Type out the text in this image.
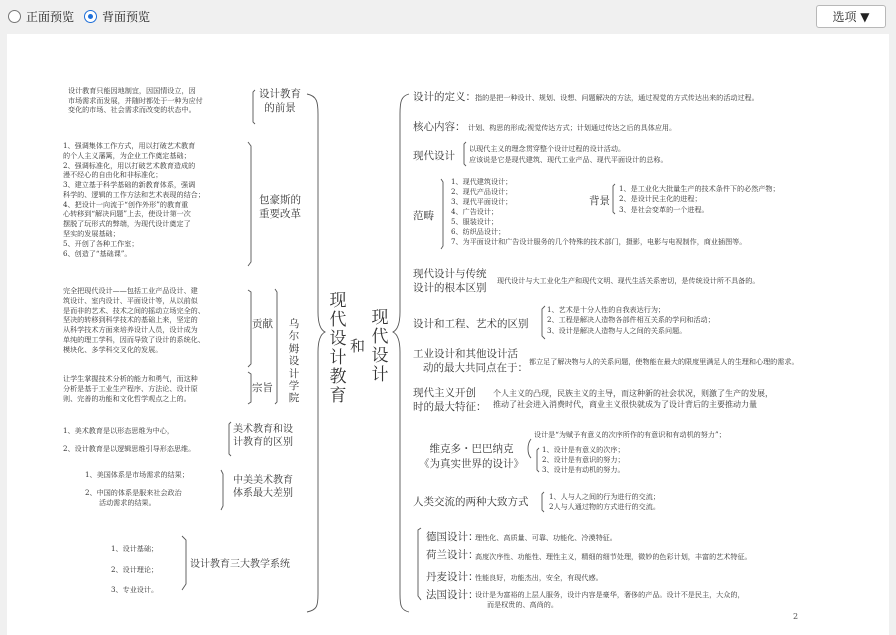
正面预览 背面预览	选项 ▼
现代设计教育
和
现代设计
设计教育只能因地制宜，因国情设立，因
市场需求而发展，并随时都处于一种为应付
变化的市场、社会需求而改变的状态中。
设计教育
的前景
1、强调集体工作方式，用以打破艺术教育
的个人主义藩篱，为企业工作奠定基础；
2、强调标准化，用以打破艺术教育造成的
漫不经心的自由化和非标准化；
3、建立基于科学基础的新教育体系，强调
科学的、逻辑的工作方法和艺术表现的结合；
4、把设计一向流于“创作外形”的教育重
心转移到“解决问题”上去，使设计第一次
摆脱了玩形式的弊端，为现代设计奠定了
坚实的发展基础；
5、开创了各种工作室；
6、创造了“基础课”。
包豪斯的
重要改革
完全把现代设计——包括工业产品设计、建
筑设计、室内设计、平面设计等，从以前似
是而非的艺术、技术之间的摇动立场完全的、
坚决的转移到科学技术的基础上来，坚定的
从科学技术方面来培养设计人员，设计成为
单纯的理工学科，因而导致了设计的系统化、
模块化、多学科交叉化的发展。
贡献
让学生掌握技术分析的能力和勇气，而这种
分析是基于工业生产程序、方法论、设计原
则、完善的功能和文化哲学观点之上的。
宗旨
乌尔姆设计学院
1、美术教育是以形态思维为中心，
2、设计教育是以逻辑思维引导形态思维。
美术教育和设
计教育的区别
1、美国体系是市场需求的结果；
2、中国的体系是服来社会政治
活动需求的结果。
中美美术教育
体系最大差别
1、设计基础；
2、设计理论；
3、专业设计。
设计教育三大教学系统
设计的定义： 指的是把一种设计、规划、设想、问题解决的方法，通过视觉的方式传达出来的活动过程。
核心内容： 计划、构思的形成;视觉传达方式；计划通过传达之后的具体应用。
现代设计
以现代主义的理念贯穿整个设计过程的设计活动。
应该说是它是现代建筑、现代工业产品、现代平面设计的总称。
范畴
1、现代建筑设计；
2、现代产品设计；
3、现代平面设计；
4、广告设计；
5、服装设计；
6、纺织品设计；
7、为平面设计和广告设计服务的几个特殊的技术部门，摄影，电影与电视制作，商业插图等。
背景
1、是工业化大批量生产的技术条件下的必然产物；
2、是设计民主化的进程；
3、是社会变革的一个进程。
现代设计与传统
设计的根本区别
现代设计与大工业化生产和现代文明、现代生活关系密切，是传统设计所不具备的。
设计和工程、艺术的区别
1、艺术是十分人性的自我表达行为；
2、工程是解决人造物各部件相互关系的学问和活动；
3、设计是解决人造物与人之间的关系问题。
工业设计和其他设计活
动的最大共同点在于：
都立足了解决物与人的关系问题，使物能在最大的限度里满足人的生理和心理的需求。
现代主义开创
时的最大特征：
个人主义的凸现，民族主义的主导，而这种新的社会状况，则激了生产的发展，
推动了社会进入消费时代，商业主义很快就成为了设计背后的主要推动力量
维克多・巴巴纳克
《为真实世界的设计》
设计是“为赋予有意义的次序所作的有意识和有动机的努力”；
1、设计是有意义的次序；
2、设计是有意识的努力；
3、设计是有动机的努力。
人类交流的两种大致方式	1、人与人之间的行为进行的交流；
2人与人通过物的方式进行的交流。
德国设计：
理性化、高质量、可靠、功能化、冷漠特征。
荷兰设计：
高度次序性、功能性、理性主义，精细的细节处理，微妙的色彩计划，丰富的艺术特征。
丹麦设计：
性能良好，功能杰出，安全，有现代感。
法国设计：
设计是为富裕的上层人服务，设计内容是豪华，奢侈的产品。设计不是民主，大众的，
而是权贵的、高尚的。
2
